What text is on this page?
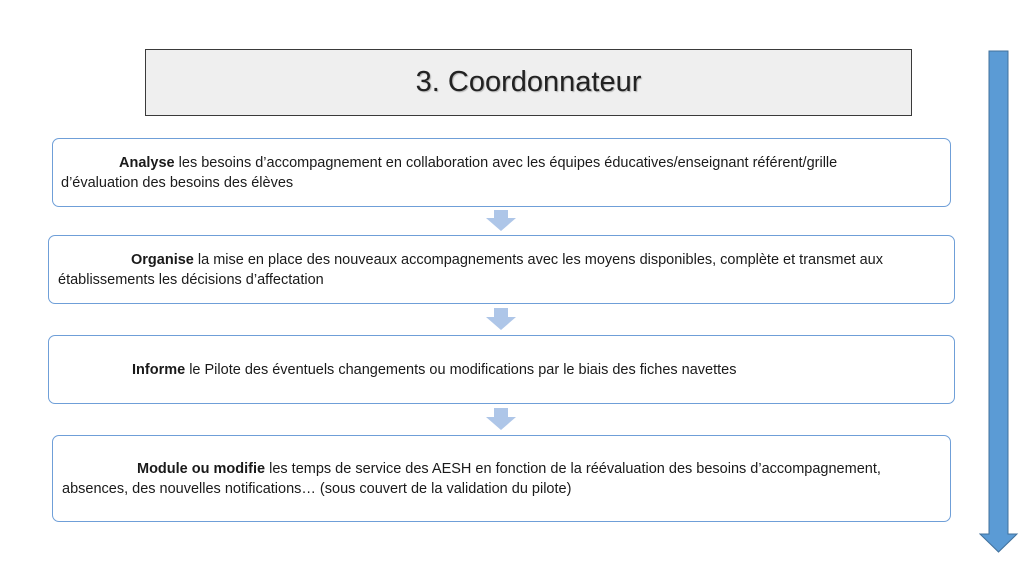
3. Coordonnateur

Analyse les besoins d’accompagnement en collaboration avec les équipes éducatives/enseignant référent/grille

d’évaluation des besoins des élèves

Organise la mise en place des nouveaux accompagnements avec les moyens disponibles, complète et transmet aux

établissements les décisions d’affectation

Informe le Pilote des éventuels changements ou modifications par le biais des fiches navettes

Module ou modifie les temps de service des AESH en fonction de la réévaluation des besoins d’accompagnement,

absences, des nouvelles notifications… (sous couvert de la validation du pilote)
